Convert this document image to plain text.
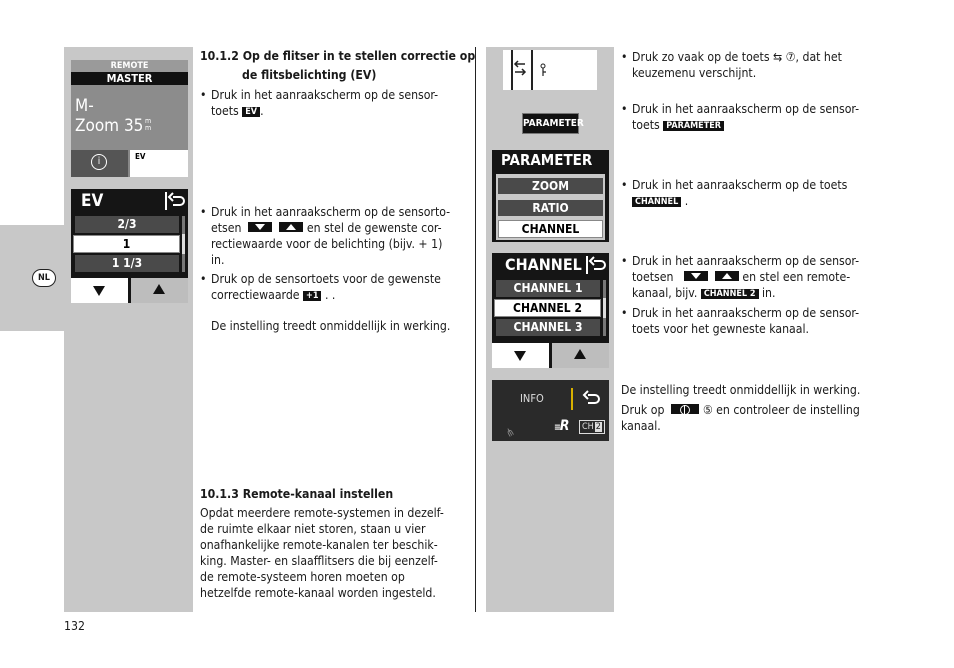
NL
REMOTE
MASTER
M-
Zoom 35 m
m
i	EV
EV
2/3
1
1 1/3
10.1.2 Op de flitser in te stellen correctie op
de flitsbelichting (EV)
• Druk in het aanraakscherm op de sensor-
toets EV .
• Druk in het aanraakscherm op de sensorto-
etsen
	en stel de gewenste cor-
rectiewaarde voor de belichting (bijv. + 1)
in.
• Druk op de sensortoets voor de gewenste
correctiewaarde +1 . .
De instelling treedt onmiddellijk in werking.
10.1.3 Remote-kanaal instellen
Opdat meerdere remote-systemen in dezelf-
de ruimte elkaar niet storen, staan u vier
onafhankelijke remote-kanalen ter beschik-
king. Master- en slaafflitsers die bij eenzelf-
de remote-systeem horen moeten op
hetzelfde remote-kanaal worden ingesteld.
PARAMETER
PARAMETER
ZOOM
RATIO
CHANNEL
CHANNEL
CHANNEL 1
CHANNEL 2
CHANNEL 3
INFO
≡R	CH 2
⋔
• Druk zo vaak op de toets ⇆ ⑦, dat het
keuzemenu verschijnt.
• Druk in het aanraakscherm op de sensor-
toets PARAMETER
• Druk in het aanraakscherm op de toets
CHANNEL .
• Druk in het aanraakscherm op de sensor-
toetsen
	en stel een remote-
kanaal, bijv. CHANNEL 2 in.
• Druk in het aanraakscherm op de sensor-
toets voor het gewneste kanaal.
De instelling treedt onmiddellijk in werking.
Druk op	⑤ en controleer de instelling
kanaal.
132
